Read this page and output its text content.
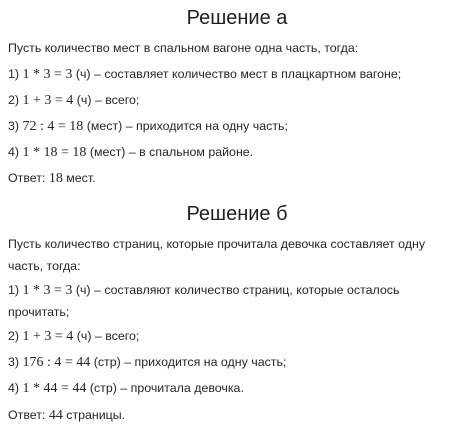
Решение а
Пусть количество мест в спальном вагоне одна часть, тогда:
1) 1 * 3 = 3 (ч) – составляет количество мест в плацкартном вагоне;
2) 1 + 3 = 4 (ч) – всего;
3) 72 : 4 = 18 (мест) – приходится на одну часть;
4) 1 * 18 = 18 (мест) – в спальном районе.
Ответ: 18 мест.
Решение б
Пусть количество страниц, которые прочитала девочка составляет одну
часть, тогда:
1) 1 * 3 = 3 (ч) – составляют количество страниц, которые осталось
прочитать;
2) 1 + 3 = 4 (ч) – всего;
3) 176 : 4 = 44 (стр) – приходится на одну часть;
4) 1 * 44 = 44 (стр) – прочитала девочка.
Ответ: 44 страницы.
